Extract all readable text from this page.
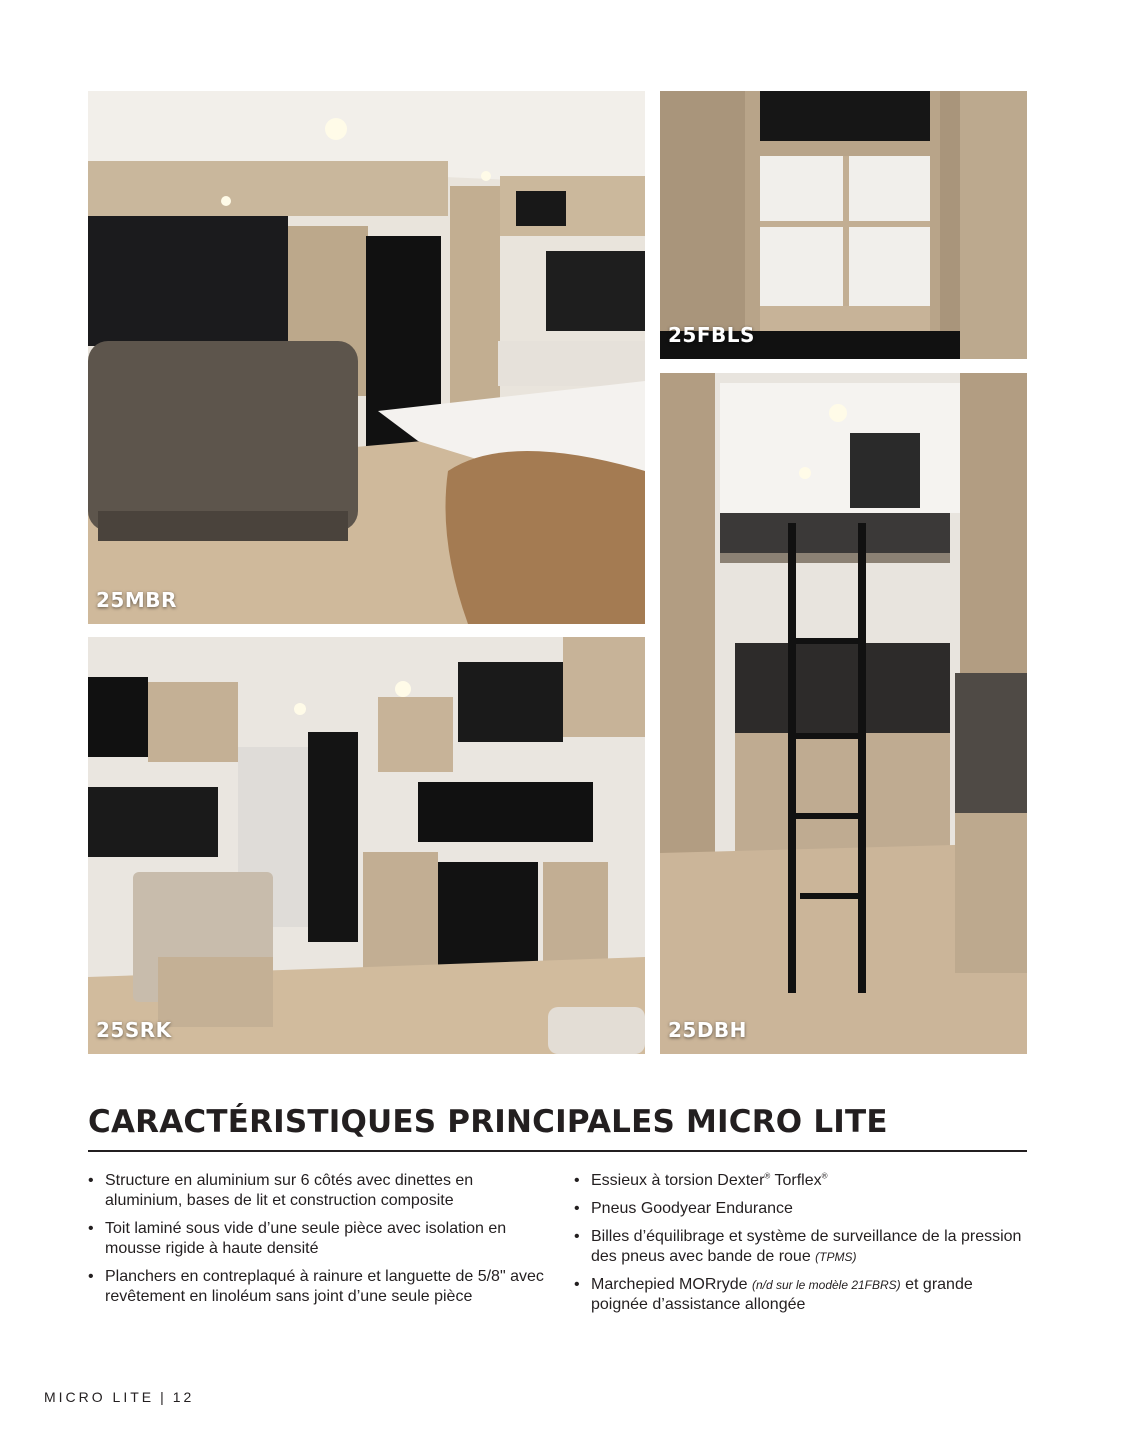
25MBR
25FBLS
25DBH
25SRK
CARACTÉRISTIQUES PRINCIPALES MICRO LITE
• Structure en aluminium sur 6 côtés avec dinettes en aluminium, bases de lit et construction composite
• Toit laminé sous vide d’une seule pièce avec isolation en mousse rigide à haute densité
• Planchers en contreplaqué à rainure et languette de 5/8" avec revêtement en linoléum sans joint d’une seule pièce
• Essieux à torsion Dexter® Torflex®
• Pneus Goodyear Endurance
• Billes d’équilibrage et système de surveillance de la pression des pneus avec bande de roue (TPMS)
• Marchepied MORryde (n/d sur le modèle 21FBRS) et grande poignée d’assistance allongée
MICRO LITE | 12
